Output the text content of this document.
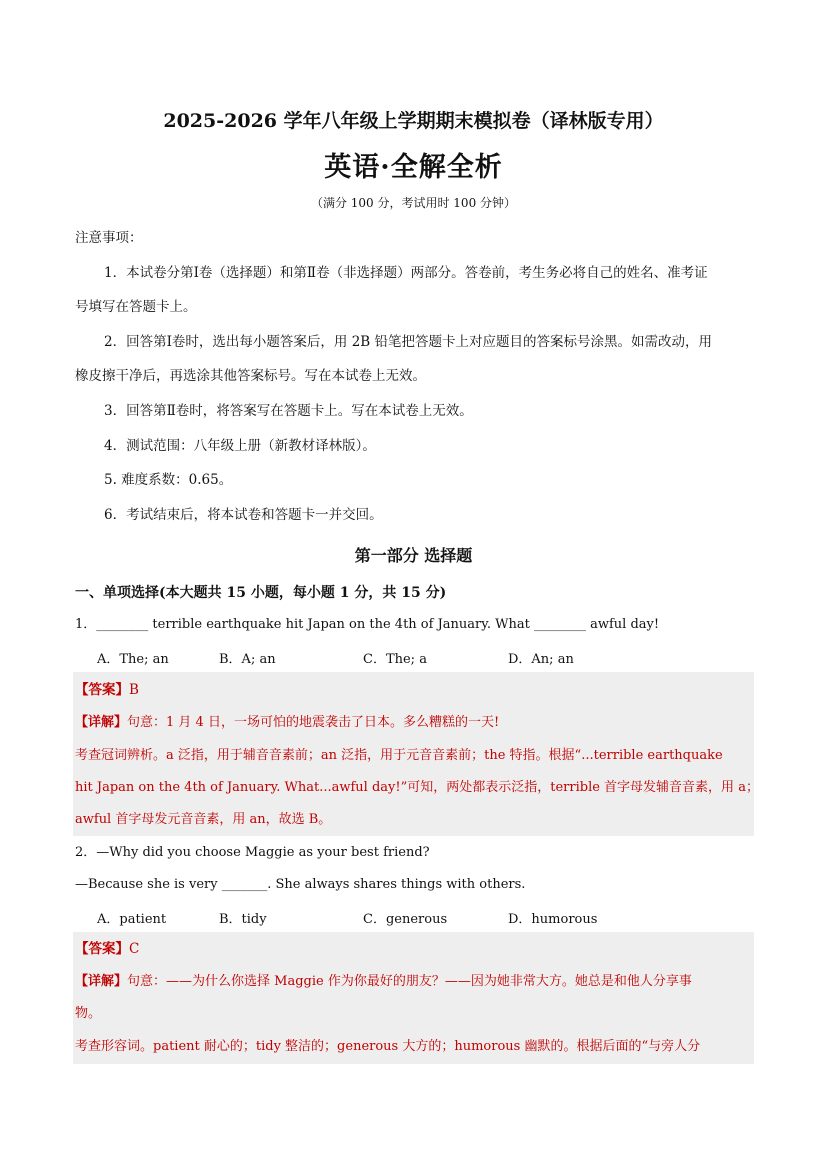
2025-2026 学年八年级上学期期末模拟卷（译林版专用）
英语·全解全析
（满分 100 分，考试用时 100 分钟）
注意事项：
1．本试卷分第Ⅰ卷（选择题）和第Ⅱ卷（非选择题）两部分。答卷前，考生务必将自己的姓名、准考证
号填写在答题卡上。
2．回答第Ⅰ卷时，选出每小题答案后，用 2B 铅笔把答题卡上对应题目的答案标号涂黑。如需改动，用
橡皮擦干净后，再选涂其他答案标号。写在本试卷上无效。
3．回答第Ⅱ卷时，将答案写在答题卡上。写在本试卷上无效。
4．测试范围：八年级上册（新教材译林版）。
5. 难度系数：0.65。
6．考试结束后，将本试卷和答题卡一并交回。
第一部分 选择题
一、单项选择(本大题共 15 小题，每小题 1 分，共 15 分)
1．________ terrible earthquake hit Japan on the 4th of January. What ________ awful day!
A．The; an	B．A; an	C．The; a	D．An; an
【答案】B
【详解】句意：1 月 4 日，一场可怕的地震袭击了日本。多么糟糕的一天!
考查冠词辨析。a 泛指，用于辅音音素前；an 泛指，用于元音音素前；the 特指。根据“...terrible earthquake
hit Japan on the 4th of January. What...awful day!”可知，两处都表示泛指，terrible 首字母发辅音音素，用 a；
awful 首字母发元音音素，用 an，故选 B。
2．—Why did you choose Maggie as your best friend?
—Because she is very _______. She always shares things with others.
A．patient	B．tidy	C．generous	D．humorous
【答案】C
【详解】句意：——为什么你选择 Maggie 作为你最好的朋友？——因为她非常大方。她总是和他人分享事
物。
考查形容词。patient 耐心的；tidy 整洁的；generous 大方的；humorous 幽默的。根据后面的“与旁人分
